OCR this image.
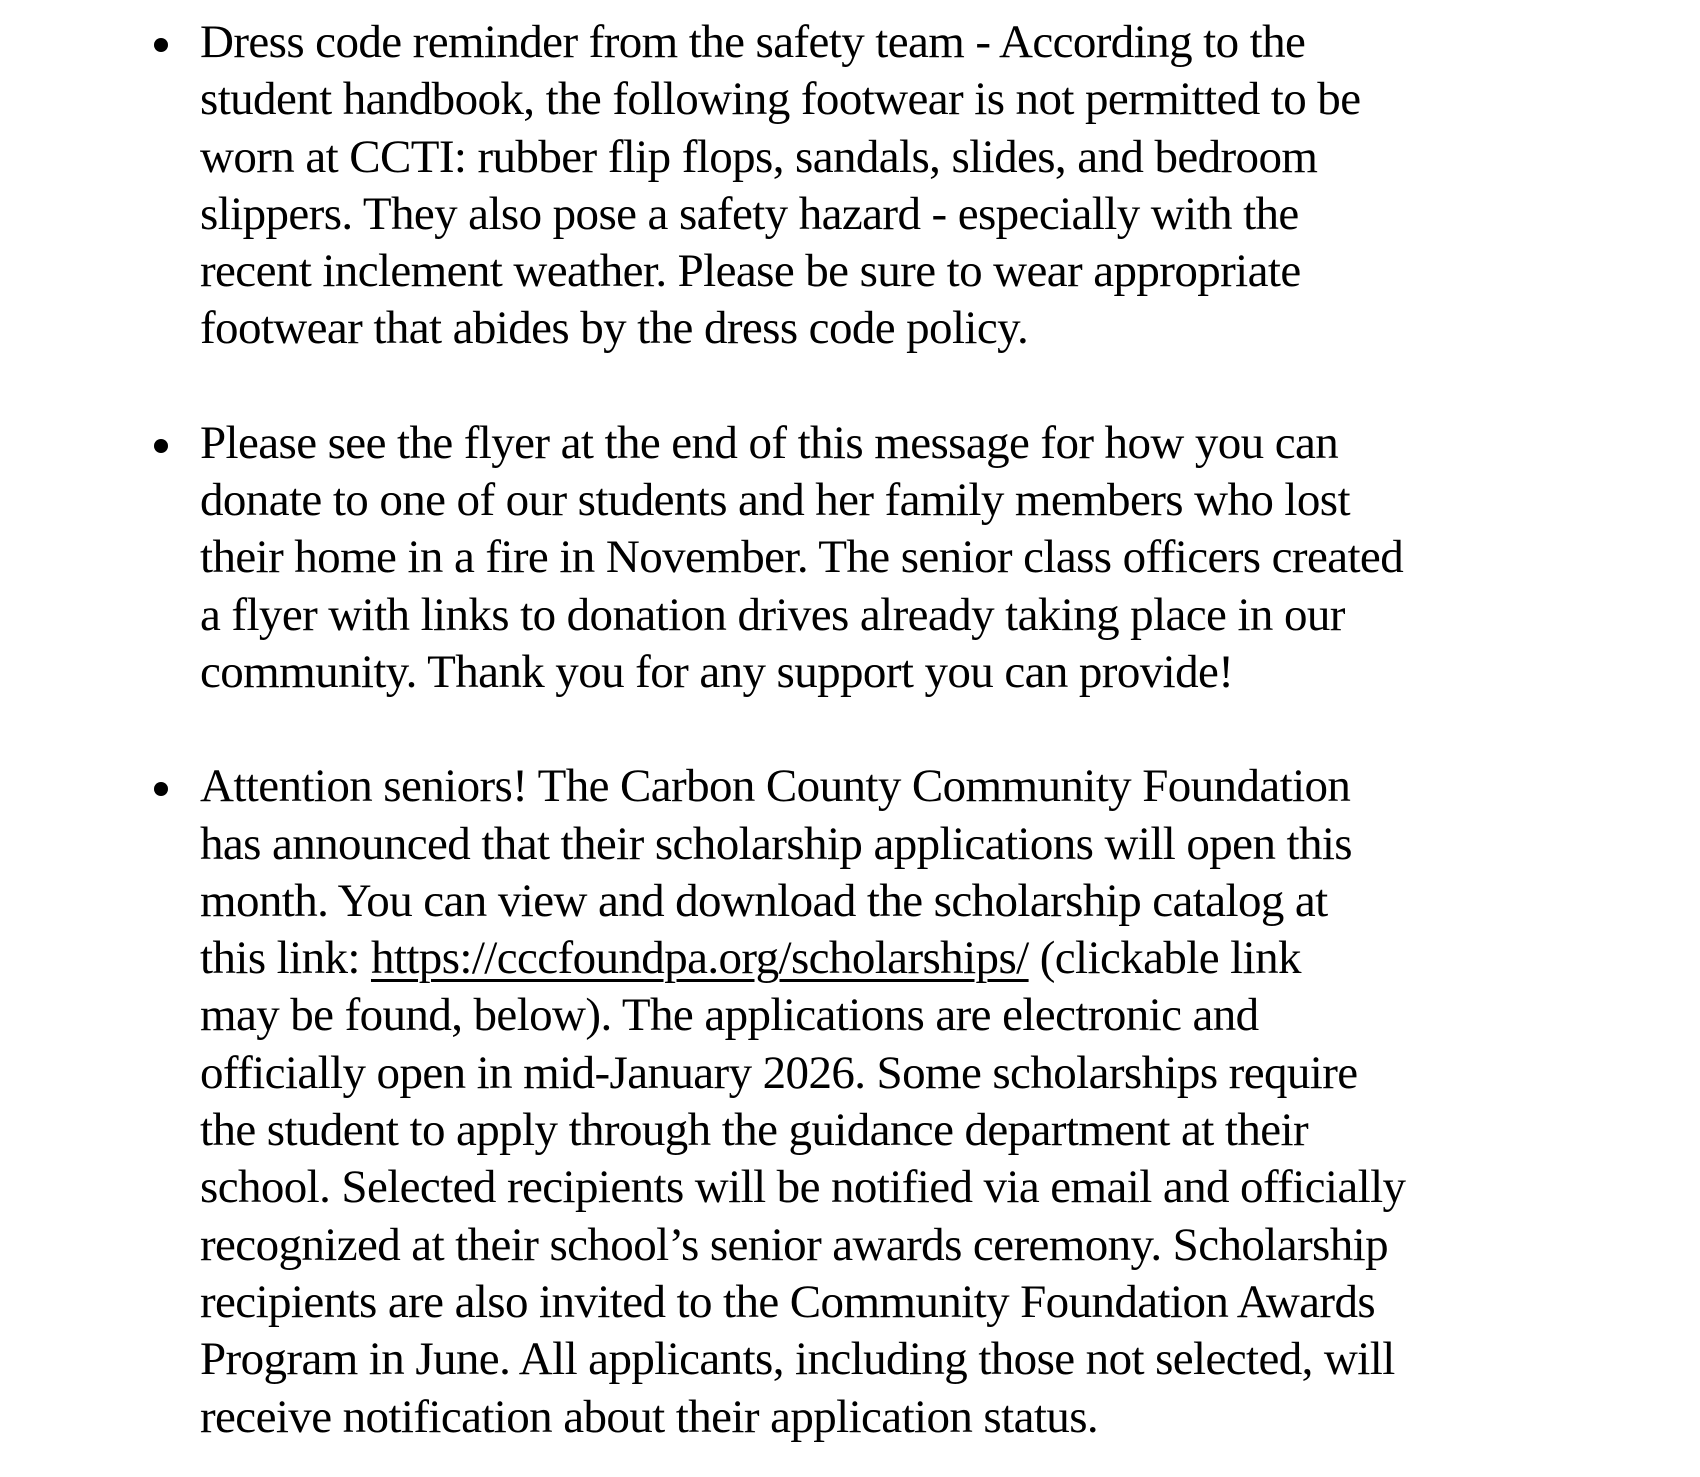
Dress code reminder from the safety team - According to the
student handbook, the following footwear is not permitted to be
worn at CCTI: rubber flip flops, sandals, slides, and bedroom
slippers. They also pose a safety hazard - especially with the
recent inclement weather. Please be sure to wear appropriate
footwear that abides by the dress code policy.
Please see the flyer at the end of this message for how you can
donate to one of our students and her family members who lost
their home in a fire in November. The senior class officers created
a flyer with links to donation drives already taking place in our
community. Thank you for any support you can provide!
Attention seniors! The Carbon County Community Foundation
has announced that their scholarship applications will open this
month. You can view and download the scholarship catalog at
this link: https://cccfoundpa.org/scholarships/ (clickable link
may be found, below). The applications are electronic and
officially open in mid-January 2026. Some scholarships require
the student to apply through the guidance department at their
school. Selected recipients will be notified via email and officially
recognized at their school’s senior awards ceremony. Scholarship
recipients are also invited to the Community Foundation Awards
Program in June. All applicants, including those not selected, will
receive notification about their application status.
